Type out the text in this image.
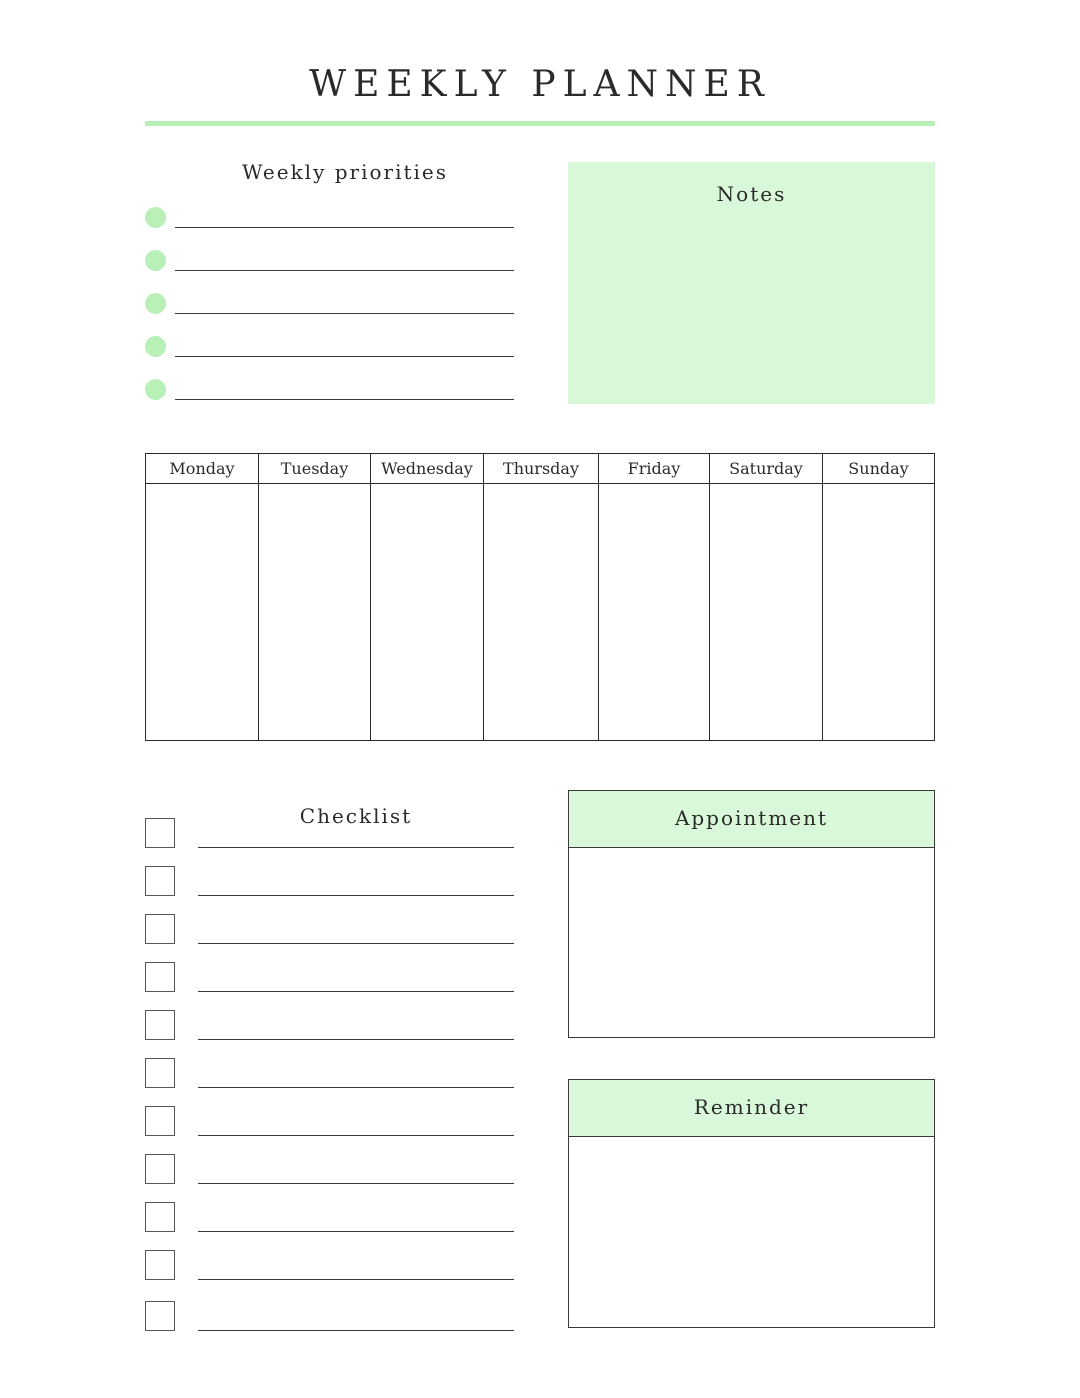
WEEKLY PLANNER
Weekly priorities
Notes
Monday	Tuesday	Wednesday	Thursday	Friday	Saturday	Sunday
Checklist	Appointment
Reminder
